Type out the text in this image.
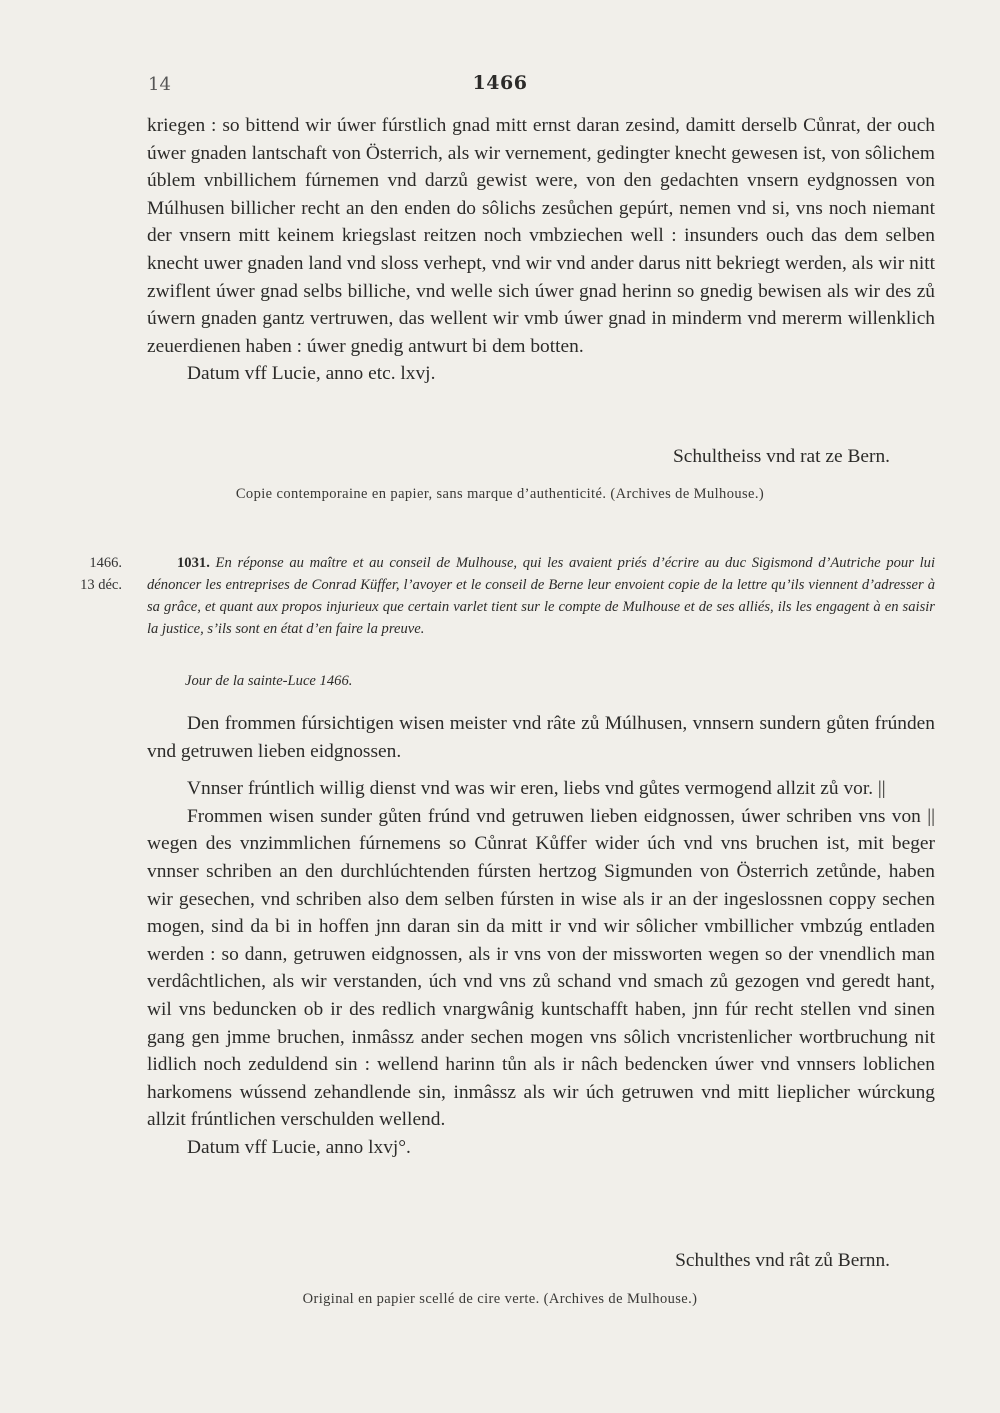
14	1466

kriegen : so bittend wir úwer fúrstlich gnad mitt ernst daran zesind, damitt derselb Cůnrat, der ouch úwer gnaden lantschaft von Österrich, als wir vernement, gedingter knecht gewesen ist, von sôlichem úblem vnbillichem fúrnemen vnd darzů gewist were, von den gedachten vnsern eydgnossen von Múlhusen billicher recht an den enden do sôlichs zesůchen gepúrt, nemen vnd si, vns noch niemant der vnsern mitt keinem kriegslast reitzen noch vmbziechen well : insunders ouch das dem selben knecht uwer gnaden land vnd sloss verhept, vnd wir vnd ander darus nitt bekriegt werden, als wir nitt zwiflent úwer gnad selbs billiche, vnd welle sich úwer gnad herinn so gnedig bewisen als wir des zů úwern gnaden gantz vertruwen, das wellent wir vmb úwer gnad in minderm vnd mererm willenklich zeuerdienen haben : úwer gnedig antwurt bi dem botten.

Datum vff Lucie, anno etc. lxvj.

Schultheiss vnd rat ze Bern.
Copie contemporaine en papier, sans marque d’authenticité. (Archives de Mulhouse.)
1466.
13 déc.

1031. En réponse au maître et au conseil de Mulhouse, qui les avaient priés d’écrire au duc Sigismond d’Autriche pour lui dénoncer les entreprises de Conrad Küffer, l’avoyer et le conseil de Berne leur envoient copie de la lettre qu’ils viennent d’adresser à sa grâce, et quant aux propos injurieux que certain varlet tient sur le compte de Mulhouse et de ses alliés, ils les engagent à en saisir la justice, s’ils sont en état d’en faire la preuve.

Jour de la sainte-Luce 1466.

Den frommen fúrsichtigen wisen meister vnd râte zů Múlhusen, vnnsern sundern gůten frúnden vnd getruwen lieben eidgnossen.

Vnnser frúntlich willig dienst vnd was wir eren, liebs vnd gůtes vermogend allzit zů vor. ||

Frommen wisen sunder gůten frúnd vnd getruwen lieben eidgnossen, úwer schriben vns von || wegen des vnzimmlichen fúrnemens so Cůnrat Kůffer wider úch vnd vns bruchen ist, mit beger vnnser schriben an den durchlúchtenden fúrsten hertzog Sigmunden von Österrich zetůnde, haben wir gesechen, vnd schriben also dem selben fúrsten in wise als ir an der ingeslossnen coppy sechen mogen, sind da bi in hoffen jnn daran sin da mitt ir vnd wir sôlicher vmbillicher vmbzúg entladen werden : so dann, getruwen eidgnossen, als ir vns von der missworten wegen so der vnendlich man verdâchtlichen, als wir verstanden, úch vnd vns zů schand vnd smach zů gezogen vnd geredt hant, wil vns beduncken ob ir des redlich vnargwânig kuntschafft haben, jnn fúr recht stellen vnd sinen gang gen jmme bruchen, inmâssz ander sechen mogen vns sôlich vncristenlicher wortbruchung nit lidlich noch zeduldend sin : wellend harinn tůn als ir nâch bedencken úwer vnd vnnsers loblichen harkomens wússend zehandlende sin, inmâssz als wir úch getruwen vnd mitt lieplicher wúrckung allzit frúntlichen verschulden wellend.

Datum vff Lucie, anno lxvj°.

Schulthes vnd rât zů Bernn.
Original en papier scellé de cire verte. (Archives de Mulhouse.)
